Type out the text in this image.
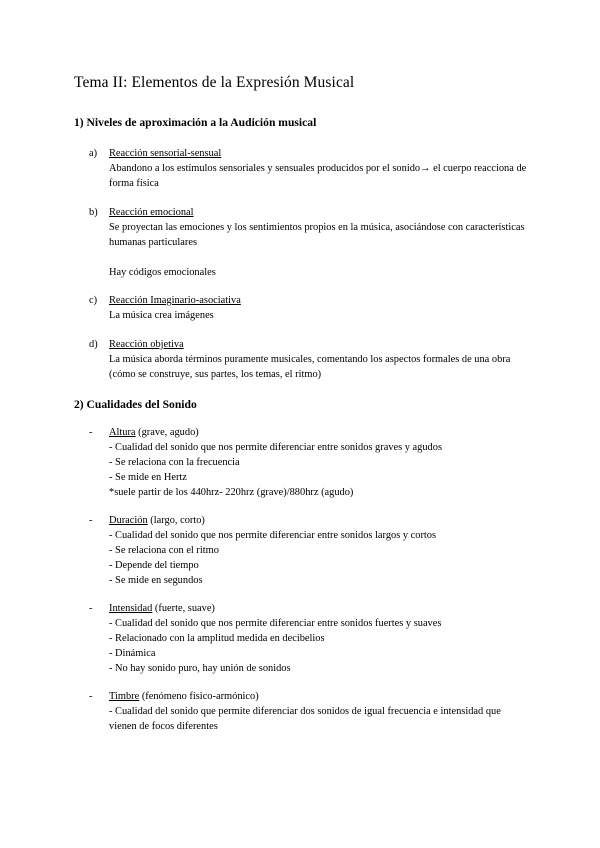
Tema II: Elementos de la Expresión Musical
1) Niveles de aproximación a la Audición musical
a) Reacción sensorial-sensual
Abandono a los estímulos sensoriales y sensuales producidos por el sonido→ el cuerpo reacciona de forma física
b) Reacción emocional
Se proyectan las emociones y los sentimientos propios en la música, asociándose con características humanas particulares
Hay códigos emocionales
c) Reacción Imaginario-asociativa
La música crea imágenes
d) Reacción objetiva
La música aborda términos puramente musicales, comentando los aspectos formales de una obra (cómo se construye, sus partes, los temas, el ritmo)
2) Cualidades del Sonido
- Altura (grave, agudo)
- Cualidad del sonido que nos permite diferenciar entre sonidos graves y agudos
- Se relaciona con la frecuencia
- Se mide en Hertz
*suele partir de los 440hrz- 220hrz (grave)/880hrz (agudo)
- Duración (largo, corto)
- Cualidad del sonido que nos permite diferenciar entre sonidos largos y cortos
- Se relaciona con el ritmo
- Depende del tiempo
- Se mide en segundos
- Intensidad (fuerte, suave)
- Cualidad del sonido que nos permite diferenciar entre sonidos fuertes y suaves
- Relacionado con la amplitud medida en decibelios
- Dinámica
- No hay sonido puro, hay unión de sonidos
- Timbre (fenómeno físico-armónico)
- Cualidad del sonido que permite diferenciar dos sonidos de igual frecuencia e intensidad que vienen de focos diferentes
